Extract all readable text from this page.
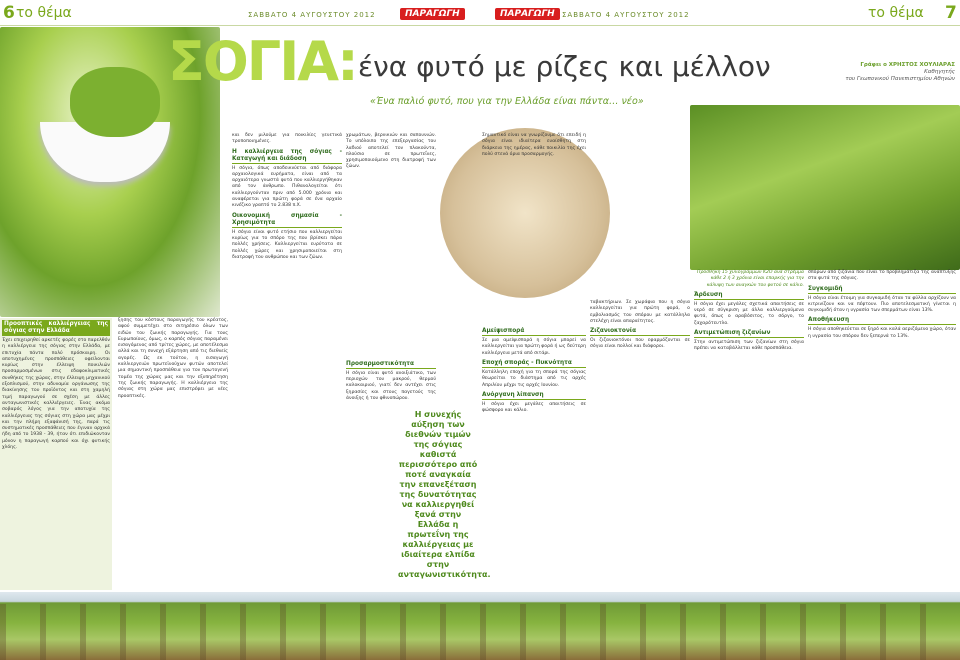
6 το θέμα	ΣΑΒΒΑΤΟ 4 ΑΥΓΟΥΣΤΟΥ 2012	ΠΑΡΑΓΩΓΗ	ΠΑΡΑΓΩΓΗ	ΣΑΒΒΑΤΟ 4 ΑΥΓΟΥΣΤΟΥ 2012	το θέμα 7
ΣΟΓΙΑ: ένα φυτό με ρίζες και μέλλον
«Ένα παλιό φυτό, που για την Ελλάδα είναι πάντα… νέο»
Γράφει ο ΧΡΗΣΤΟΣ ΧΟΥΛΙΑΡΑΣ
Καθηγητής
του Γεωπονικού Πανεπιστημίου Αθηνών
Προοπτικές καλλιέργειας της σόγιας στην Ελλάδα
Έχει επιχειρηθεί αρκετές φορές στο παρελθόν η καλλιέργεια της σόγιας στην Ελλάδα, με επιτυχία πάντα πολύ πρόσκαιρη. Οι αποτυχημένες προσπάθειες οφείλονται κυρίως στην έλλειψη ποικιλιών προσαρμοσμένων στις εδαφοκλιματικές συνθήκες της χώρας, στην έλλειψη μηχανικού εξοπλισμού, στην αδυναμία οργάνωσης της διακίνησης του προϊόντος και στη χαμηλή τιμή παραγωγού σε σχέση με άλλες ανταγωνιστικές καλλιέργειες. Ένας ακόμα σοβαρός λόγος για την αποτυχία της καλλιέργειας της σόγιας στη χώρα μας μέχρι και την πλήρη εξαφάνισή της, παρά τις συστηματικές προσπάθειες που έγιναν αρχικά ήδη από το 1938 - 39, ήταν ότι επιδιώκονταν μόνον η παραγωγή καρπού και όχι φυτικής χλόης.
ξησης του κόστους παραγωγής του κρέατος, αφού συμμετέχει στο σιτηρέσιο όλων των ειδών του ζωικής παραγωγής. Για τους Ευρωπαίους, όμως, ο καρπός σόγιας παραμένει εισαγόμενος από τρίτες χώρες, με αποτέλεσμα αλλά και τη συνεχή εξάρτηση από τις διεθνείς αγορές. Ως εκ τούτου, η εισαγωγή καλλιεργειών πρωτεϊνούχων φυτών αποτελεί μια σημαντική προσπάθεια για τον πρωτογενή τομέα της χώρας μας και την εξυπηρέτηση της ζωικής παραγωγής. Η καλλιέργεια της σόγιας στη χώρα μας επιστρέφει με νέες προοπτικές.
και δεν μιλούμε για ποικιλίες γενετικά τροποποιημένες.
Η καλλιέργεια της σόγιας - Καταγωγή και διάδοση
Η σόγια, όπως αποδεικνύεται από διάφορα αρχαιολογικά ευρήματα, είναι από τα αρχαιότερα γνωστά φυτά που καλλιεργήθηκαν από τον άνθρωπο. Πιθανολογείται ότι καλλιεργούνταν πριν από 5.000 χρόνια και αναφέρεται για πρώτη φορά σε ένα αρχαίο κινέζικο γραπτό το 2.838 π.Χ.
Οικονομική σημασία - Χρησιμότητα
Η σόγια είναι φυτό ετήσιο που καλλιεργείται κυρίως για το σπόρο της που βρίσκει πάρα πολλές χρήσεις. Καλλιεργείται ευρύτατα σε πολλές χώρες και χρησιμοποιείται στη διατροφή του ανθρώπου και των ζώων.
χρωμάτων, βερνικιών και σαπουνιών. Το υπόλοιπο της επεξεργασίας του λαδιού αποτελεί τον πλακούντα, πλούσιο σε πρωτεΐνες, χρησιμοποιούμενο στη διατροφή των ζώων.
Προσαρμοστικότητα
Η σόγια είναι φυτό ανοιξιάτικο, των περιοχών του μακρού, θερμού καλοκαιριού, γιατί δεν αντέχει στις ξηρασίες και στους παγετούς της άνοιξης ή του φθινοπώρου.
Η συνεχής αύξηση των διεθνών τιμών της σόγιας καθιστά περισσότερο από ποτέ αναγκαία την επανεξέταση της δυνατότητας να καλλιεργηθεί ξανά στην Ελλάδα η πρωτεΐνη της καλλιέργειας με ιδιαίτερα ελπίδα στην ανταγωνιστικότητα.
Σημαντικό είναι να γνωρίζουμε ότι επειδή η σόγια είναι ιδιαίτερα ευαίσθητη στη διάρκεια της ημέρας, κάθε ποικιλία της έχει πολύ στενά όρια προσαρμογής.
Αμείψισπορά
Σε μια αμείψισπορά η σόγια μπορεί να καλλιεργείται για πρώτη φορά ή ως δεύτερη καλλιέργεια μετά από σιτάρι.
Εποχή σποράς - Πυκνότητα
Κατάλληλη εποχή για τη σπορά της σόγιας θεωρείται το διάστημα από τις αρχές Απριλίου μέχρι τις αρχές Ιουνίου.
Ανόργανη λίπανση
Η σόγια έχει μεγάλες απαιτήσεις σε φώσφορο και κάλιο.
ταβακτήριων. Σε χωράφια που η σόγια καλλιεργείται για πρώτη φορά, ο εμβολιασμός του σπόρου με κατάλληλα στελέχη είναι απαραίτητος.
Ζιζανιοκτονία
Οι ζιζανιοκτόνοι που εφαρμόζονται σε σόγια είναι πολλοί και διάφοροι.
Προσθήκη 15 χιλιογράμμων K2O ανά στρέμμα κάθε 2 ή 3 χρόνια είναι επαρκής για την κάλυψη των αναγκών του φυτού σε κάλιο.
Άρδευση
Η σόγια έχει μεγάλες σχετικά απαιτήσεις σε νερό σε σύγκριση με άλλα καλλιεργούμενα φυτά, όπως ο αραβόσιτος, το σόργο, το ζαχαρότευτλο.
Αντιμετώπιση ζιζανίων
Στην αντιμετώπιση των ζιζανίων στη σόγια πρέπει να καταβάλλεται κάθε προσπάθεια.
σπόρων από ζιζάνια που είναι το προβλημάτιζα της ανάπτυξης στα φυτά της σόγιας.
Συγκομιδή
Η σόγια είναι έτοιμη για συγκομιδή όταν τα φύλλα αρχίζουν να κιτρινίζουν και να πέφτουν. Πιο αποτελεσματική γίνεται η συγκομιδή όταν η υγρασία των σπερμάτων είναι 13%.
Αποθήκευση
Η σόγια αποθηκεύεται σε ξηρό και καλά αεριζόμενο χώρο, όταν η υγρασία του σπόρου δεν ξεπερνά το 13%.
